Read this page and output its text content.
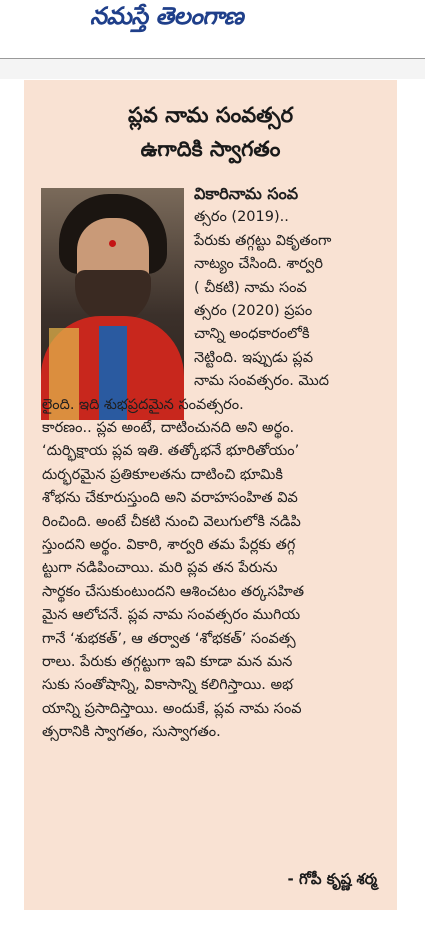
నమస్తే తెలంగాణ
ప్లవ నామ సంవత్సర
ఉగాదికి స్వాగతం
వికారినామ సంవ
త్సరం (2019)..
పేరుకు తగ్గట్టు వికృతంగా
నాట్యం చేసింది. శార్వరి
( చీకటి) నామ సంవ
త్సరం (2020) ప్రపం
చాన్ని అంధకారంలోకి
నెట్టింది. ఇప్పుడు ప్లవ
నామ సంవత్సరం. మొద
లైంది. ఇది శుభప్రదమైన సంవత్సరం.
కారణం.. ప్లవ అంటే, దాటించునది అని అర్థం.
‘దుర్భిక్షాయ ప్లవ ఇతి. తత్కోభనే భూరితోయం’
దుర్భరమైన ప్రతికూలతను దాటించి భూమికి
శోభను చేకూరుస్తుంది అని వరాహసంహిత వివ
రించింది. అంటే చీకటి నుంచి వెలుగులోకి నడిపి
స్తుందని అర్థం. వికారి, శార్వరి తమ పేర్లకు తగ్గ
ట్టుగా నడిపించాయి. మరి ప్లవ తన పేరును
సార్థకం చేసుకుంటుందని ఆశించటం తర్కసహిత
మైన ఆలోచనే. ప్లవ నామ సంవత్సరం ముగియ
గానే ‘శుభకత్’, ఆ తర్వాత ‘శోభకత్’ సంవత్స
రాలు. పేరుకు తగ్గట్టుగా ఇవి కూడా మన మన
సుకు సంతోషాన్ని, వికాసాన్ని కలిగిస్తాయి. అభ
యాన్ని ప్రసాదిస్తాయి. అందుకే, ప్లవ నామ సంవ
త్సరానికి స్వాగతం, సుస్వాగతం.
- గోపీ కృష్ణ శర్మ
